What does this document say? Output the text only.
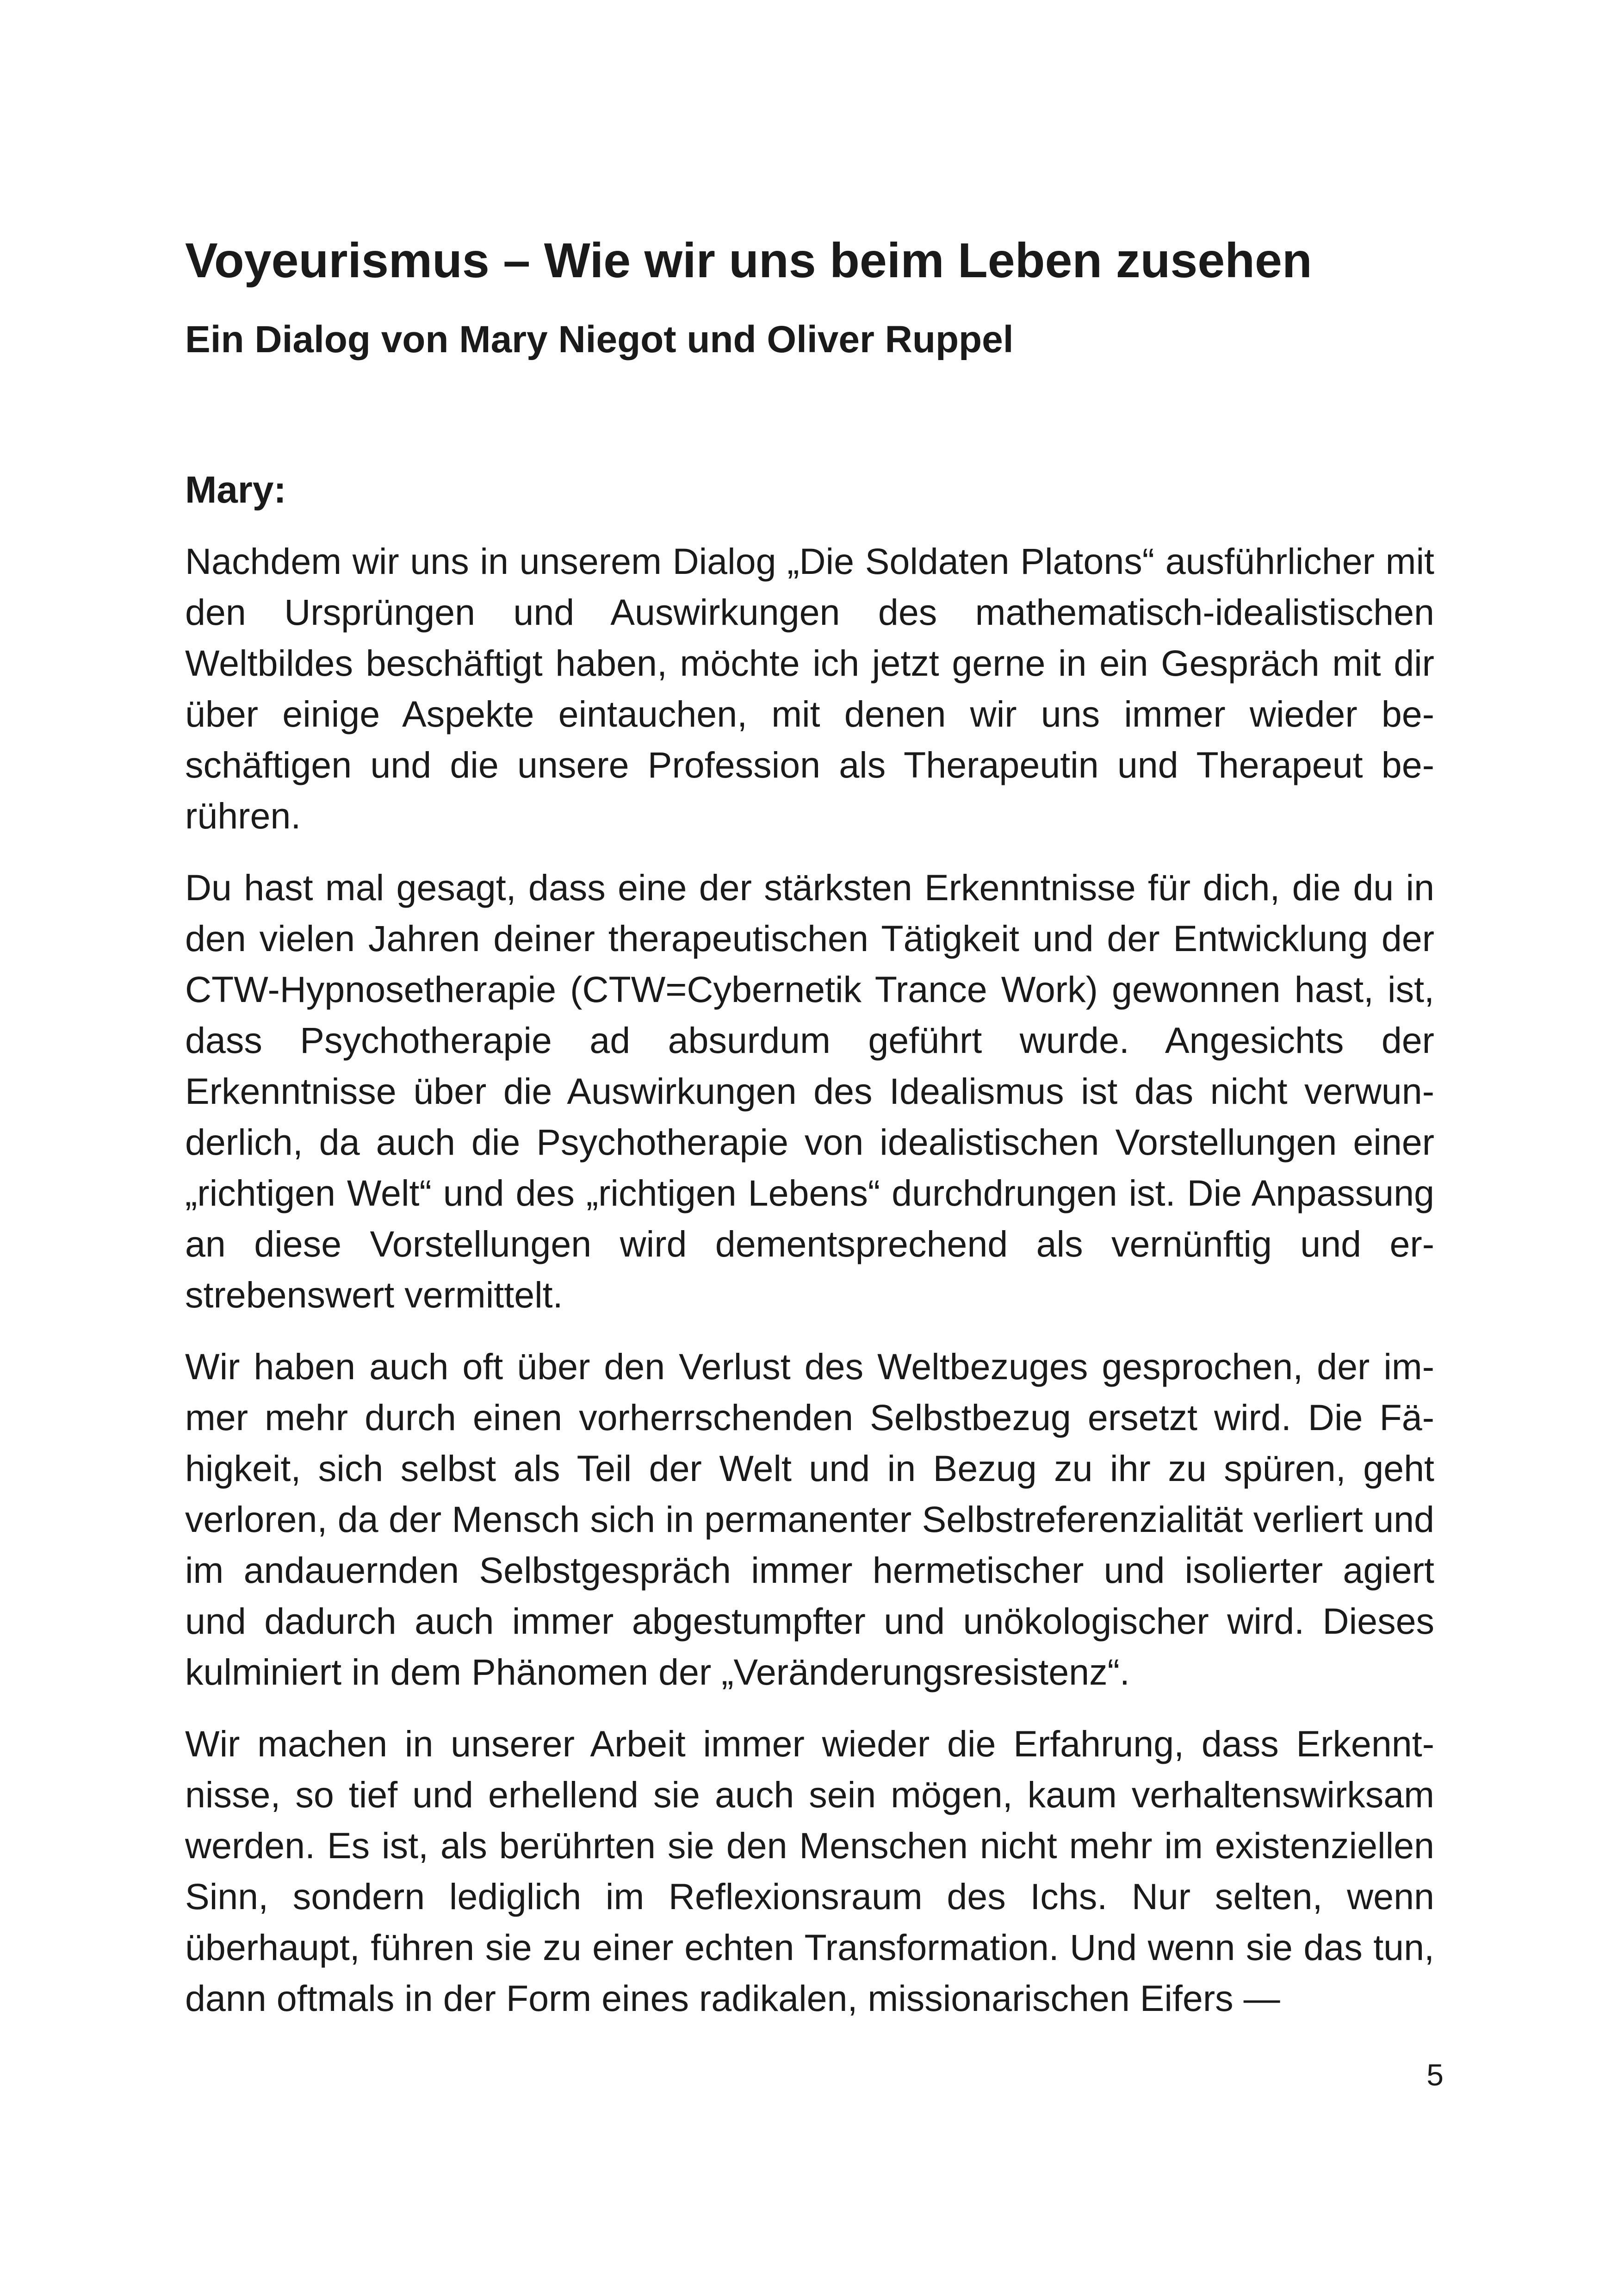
Voyeurismus – Wie wir uns beim Leben zusehen
Ein Dialog von Mary Niegot und Oliver Ruppel
Mary:

Nachdem wir uns in unserem Dialog „Die Soldaten Platons“ ausführlicher mit den Ursprüngen und Auswirkungen des mathematisch-idealistischen Weltbildes beschäftigt haben, möchte ich jetzt gerne in ein Gespräch mit dir über einige Aspekte eintauchen, mit denen wir uns immer wieder beschäftigen und die unsere Profession als Therapeutin und Therapeut berühren.

Du hast mal gesagt, dass eine der stärksten Erkenntnisse für dich, die du in den vielen Jahren deiner therapeutischen Tätigkeit und der Entwicklung der CTW-Hypnosetherapie (CTW=Cybernetik Trance Work) gewonnen hast, ist, dass Psychotherapie ad absurdum geführt wurde. Angesichts der Erkenntnisse über die Auswirkungen des Idealismus ist das nicht verwunderlich, da auch die Psychotherapie von idealistischen Vorstellungen einer „richtigen Welt“ und des „richtigen Lebens“ durchdrungen ist. Die Anpassung an diese Vorstellungen wird dementsprechend als vernünftig und erstrebenswert vermittelt.

Wir haben auch oft über den Verlust des Weltbezuges gesprochen, der immer mehr durch einen vorherrschenden Selbstbezug ersetzt wird. Die Fähigkeit, sich selbst als Teil der Welt und in Bezug zu ihr zu spüren, geht verloren, da der Mensch sich in permanenter Selbstreferenzialität verliert und im andauernden Selbstgespräch immer hermetischer und isolierter agiert und dadurch auch immer abgestumpfter und unökologischer wird. Dieses kulminiert in dem Phänomen der „Veränderungsresistenz“.

Wir machen in unserer Arbeit immer wieder die Erfahrung, dass Erkenntnisse, so tief und erhellend sie auch sein mögen, kaum verhaltenswirksam werden. Es ist, als berührten sie den Menschen nicht mehr im existenziellen Sinn, sondern lediglich im Reflexionsraum des Ichs. Nur selten, wenn überhaupt, führen sie zu einer echten Transformation. Und wenn sie das tun, dann oftmals in der Form eines radikalen, missionarischen Eifers —

5
